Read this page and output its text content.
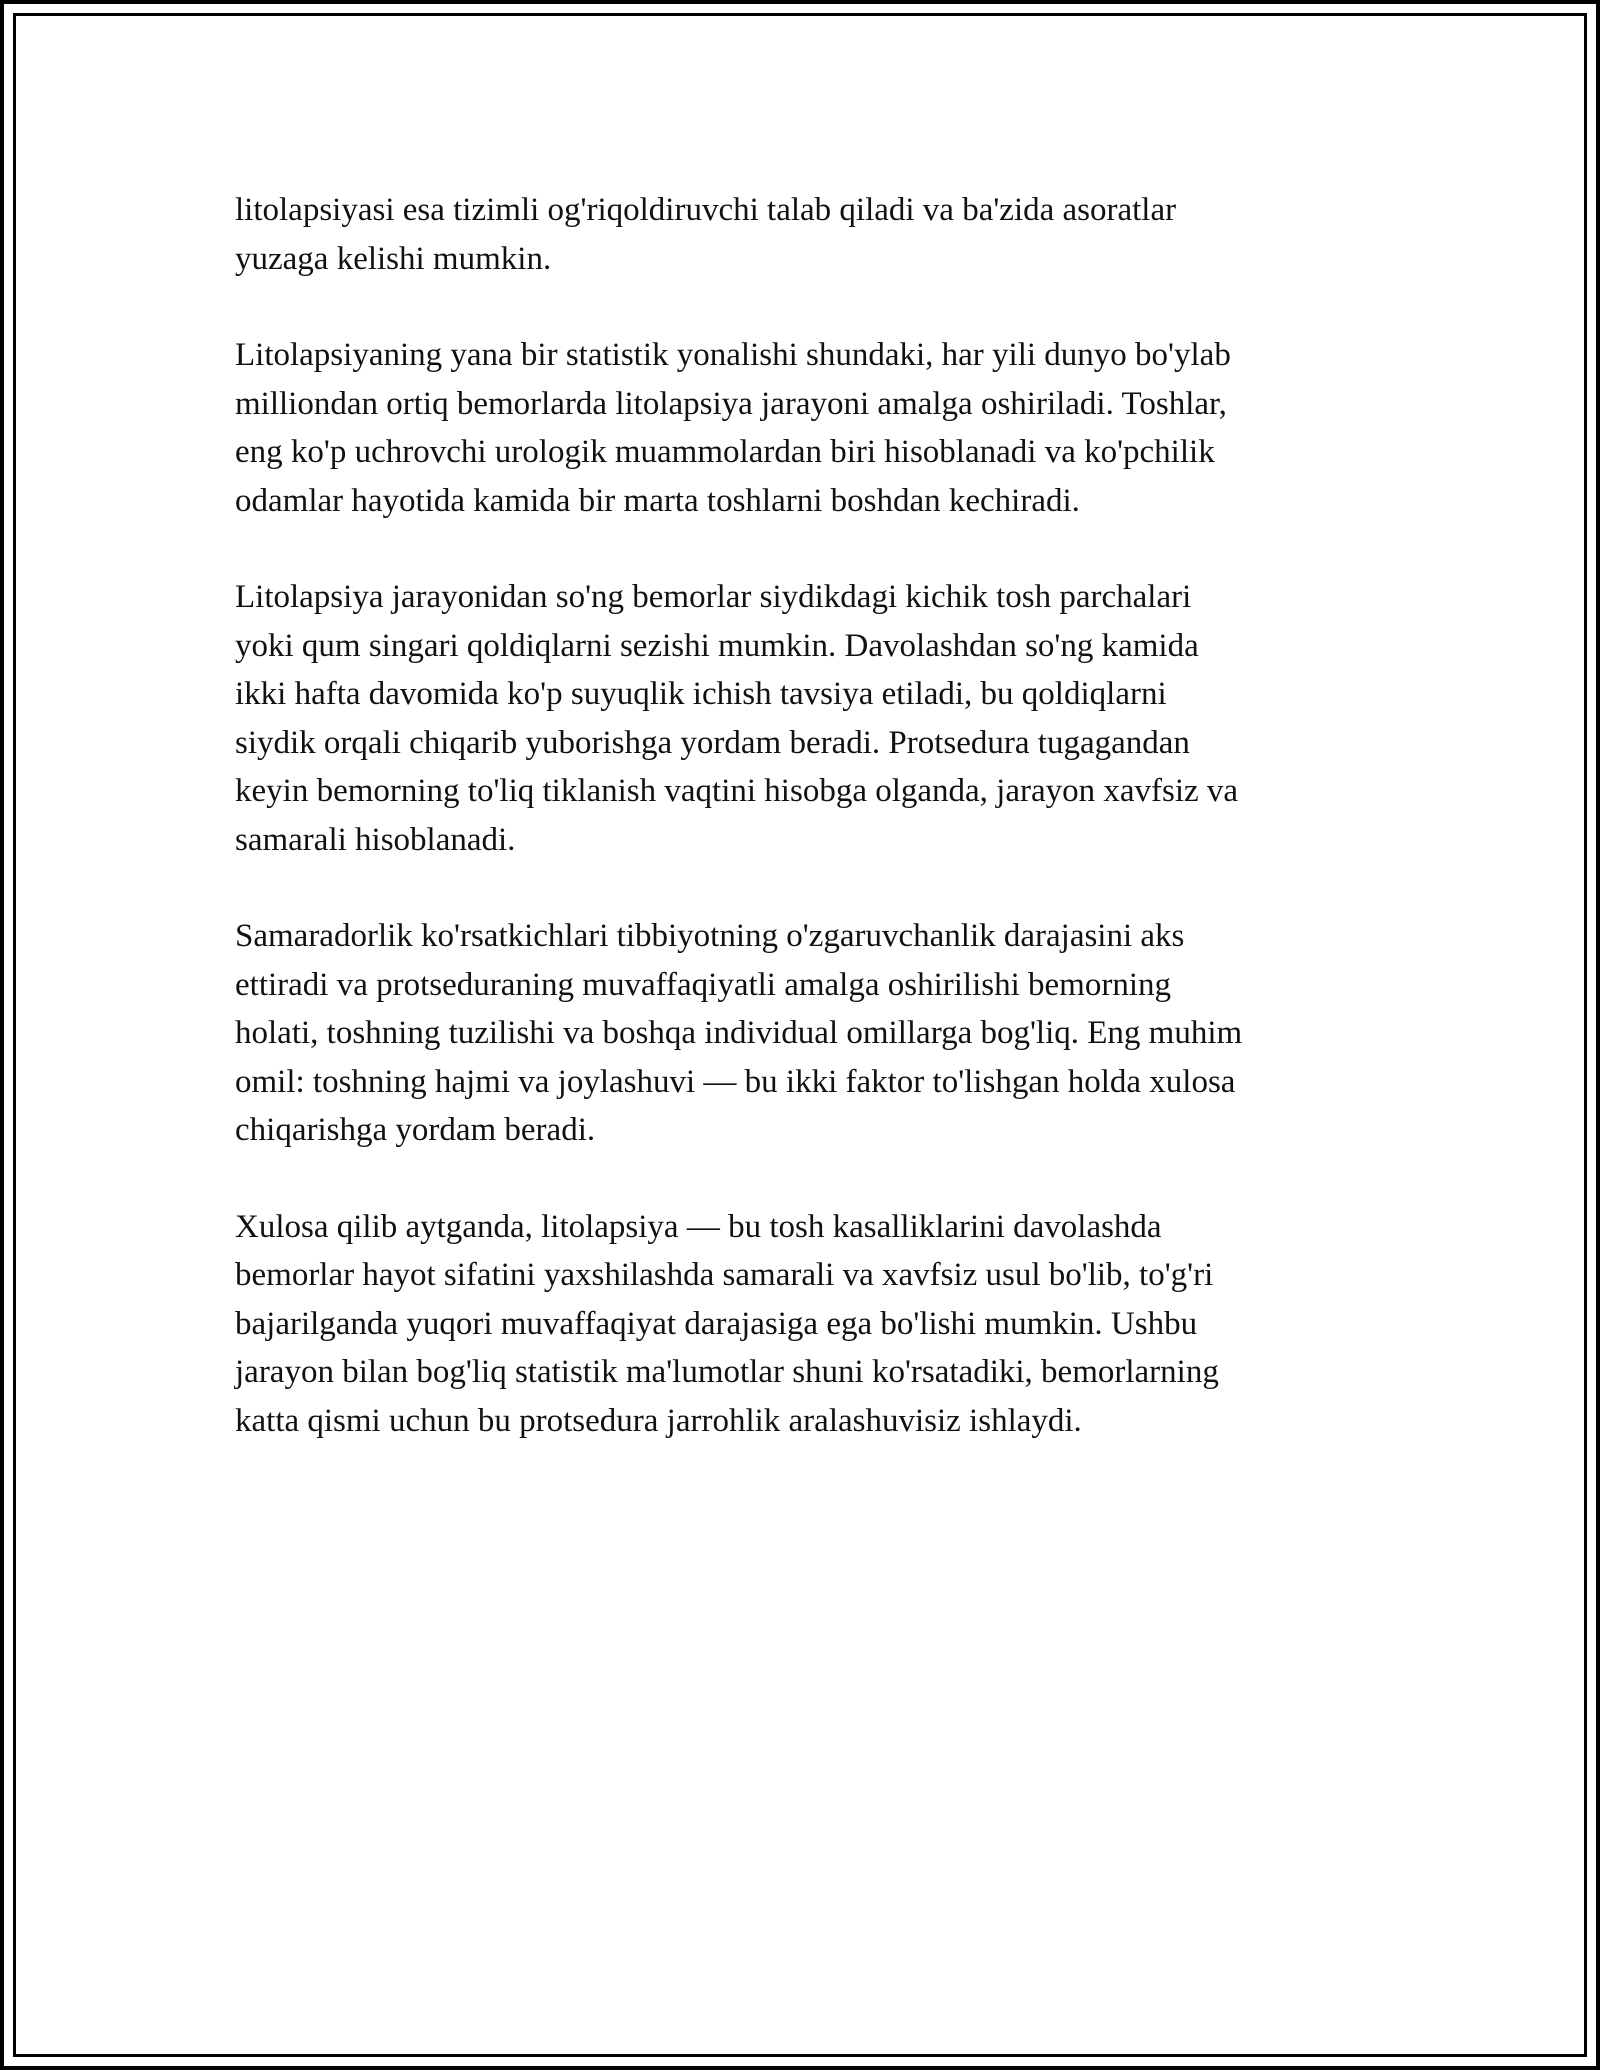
litolapsiyasi esa tizimli og'riqoldiruvchi talab qiladi va ba'zida asoratlar
yuzaga kelishi mumkin.

Litolapsiyaning yana bir statistik yonalishi shundaki, har yili dunyo bo'ylab
milliondan ortiq bemorlarda litolapsiya jarayoni amalga oshiriladi. Toshlar,
eng ko'p uchrovchi urologik muammolardan biri hisoblanadi va ko'pchilik
odamlar hayotida kamida bir marta toshlarni boshdan kechiradi.

Litolapsiya jarayonidan so'ng bemorlar siydikdagi kichik tosh parchalari
yoki qum singari qoldiqlarni sezishi mumkin. Davolashdan so'ng kamida
ikki hafta davomida ko'p suyuqlik ichish tavsiya etiladi, bu qoldiqlarni
siydik orqali chiqarib yuborishga yordam beradi. Protsedura tugagandan
keyin bemorning to'liq tiklanish vaqtini hisobga olganda, jarayon xavfsiz va
samarali hisoblanadi.

Samaradorlik ko'rsatkichlari tibbiyotning o'zgaruvchanlik darajasini aks
ettiradi va protseduraning muvaffaqiyatli amalga oshirilishi bemorning
holati, toshning tuzilishi va boshqa individual omillarga bog'liq. Eng muhim
omil: toshning hajmi va joylashuvi — bu ikki faktor to'lishgan holda xulosa
chiqarishga yordam beradi.

Xulosa qilib aytganda, litolapsiya — bu tosh kasalliklarini davolashda
bemorlar hayot sifatini yaxshilashda samarali va xavfsiz usul bo'lib, to'g'ri
bajarilganda yuqori muvaffaqiyat darajasiga ega bo'lishi mumkin. Ushbu
jarayon bilan bog'liq statistik ma'lumotlar shuni ko'rsatadiki, bemorlarning
katta qismi uchun bu protsedura jarrohlik aralashuvisiz ishlaydi.
